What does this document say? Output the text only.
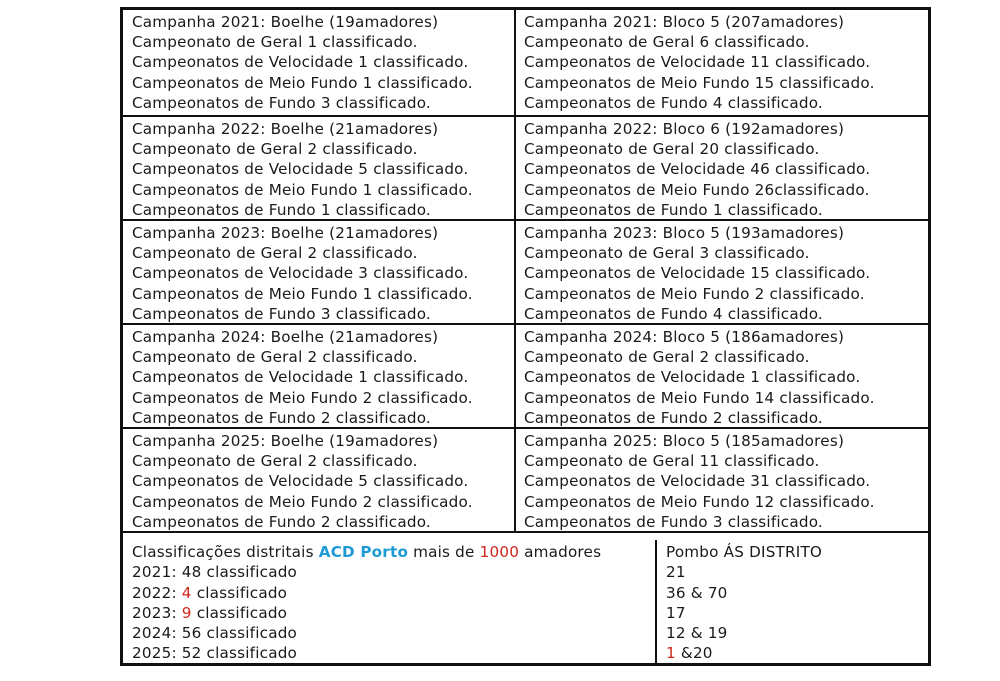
Campanha 2021: Boelhe (19amadores)
Campeonato de Geral 1 classificado.
Campeonatos de Velocidade 1 classificado.
Campeonatos de Meio Fundo 1 classificado.
Campeonatos de Fundo 3 classificado.
Campanha 2021: Bloco 5 (207amadores)
Campeonato de Geral 6 classificado.
Campeonatos de Velocidade 11 classificado.
Campeonatos de Meio Fundo 15 classificado.
Campeonatos de Fundo 4 classificado.
Campanha 2022: Boelhe (21amadores)
Campeonato de Geral 2 classificado.
Campeonatos de Velocidade 5 classificado.
Campeonatos de Meio Fundo 1 classificado.
Campeonatos de Fundo 1 classificado.
Campanha 2022: Bloco 6 (192amadores)
Campeonato de Geral 20 classificado.
Campeonatos de Velocidade 46 classificado.
Campeonatos de Meio Fundo 26classificado.
Campeonatos de Fundo 1 classificado.
Campanha 2023: Boelhe (21amadores)
Campeonato de Geral 2 classificado.
Campeonatos de Velocidade 3 classificado.
Campeonatos de Meio Fundo 1 classificado.
Campeonatos de Fundo 3 classificado.
Campanha 2023: Bloco 5 (193amadores)
Campeonato de Geral 3 classificado.
Campeonatos de Velocidade 15 classificado.
Campeonatos de Meio Fundo 2 classificado.
Campeonatos de Fundo 4 classificado.
Campanha 2024: Boelhe (21amadores)
Campeonato de Geral 2 classificado.
Campeonatos de Velocidade 1 classificado.
Campeonatos de Meio Fundo 2 classificado.
Campeonatos de Fundo 2 classificado.
Campanha 2024: Bloco 5 (186amadores)
Campeonato de Geral 2 classificado.
Campeonatos de Velocidade 1 classificado.
Campeonatos de Meio Fundo 14 classificado.
Campeonatos de Fundo 2 classificado.
Campanha 2025: Boelhe (19amadores)
Campeonato de Geral 2 classificado.
Campeonatos de Velocidade 5 classificado.
Campeonatos de Meio Fundo 2 classificado.
Campeonatos de Fundo 2 classificado.
Campanha 2025: Bloco 5 (185amadores)
Campeonato de Geral 11 classificado.
Campeonatos de Velocidade 31 classificado.
Campeonatos de Meio Fundo 12 classificado.
Campeonatos de Fundo 3 classificado.
Classificações distritais ACD Porto mais de 1000 amadores
2021: 48 classificado
2022: 4 classificado
2023: 9 classificado
2024: 56 classificado
2025: 52 classificado
Pombo ÁS DISTRITO
21
36 & 70
17
12 & 19
1 &20
